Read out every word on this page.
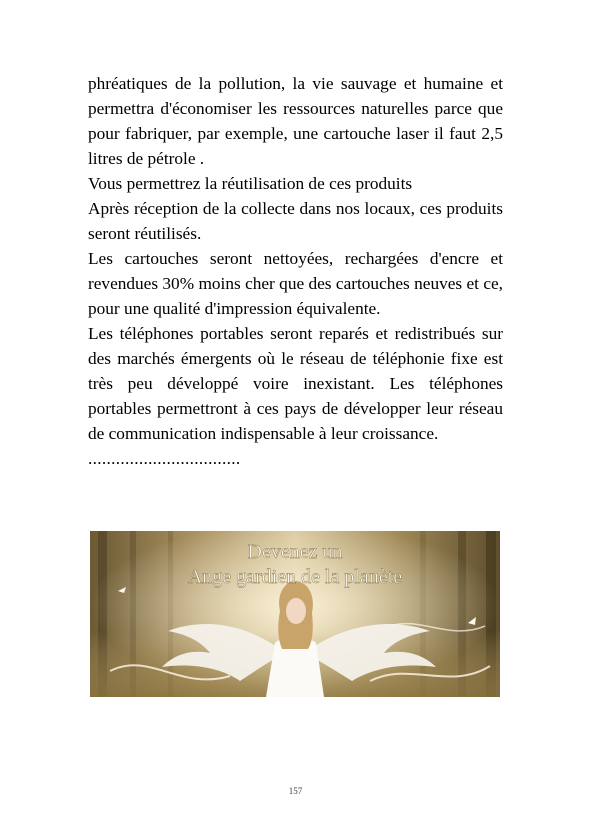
phréatiques de la pollution, la vie sauvage et humaine et permettra d'économiser les ressources naturelles parce que pour fabriquer, par exemple, une cartouche laser il faut 2,5 litres de pétrole .

Vous permettrez la réutilisation de ces produits

Après réception de la collecte dans nos locaux, ces produits seront réutilisés.

Les cartouches seront nettoyées, rechargées d'encre et revendues 30% moins cher que des cartouches neuves et ce, pour une qualité d'impression équivalente.

Les téléphones portables seront reparés et redistribués sur des marchés émergents où le réseau de téléphonie fixe est très peu développé voire inexistant. Les téléphones portables permettront à ces pays de développer leur réseau de communication indispensable à leur croissance.

.................................

Devenez un
Ange gardien de la planète
157
